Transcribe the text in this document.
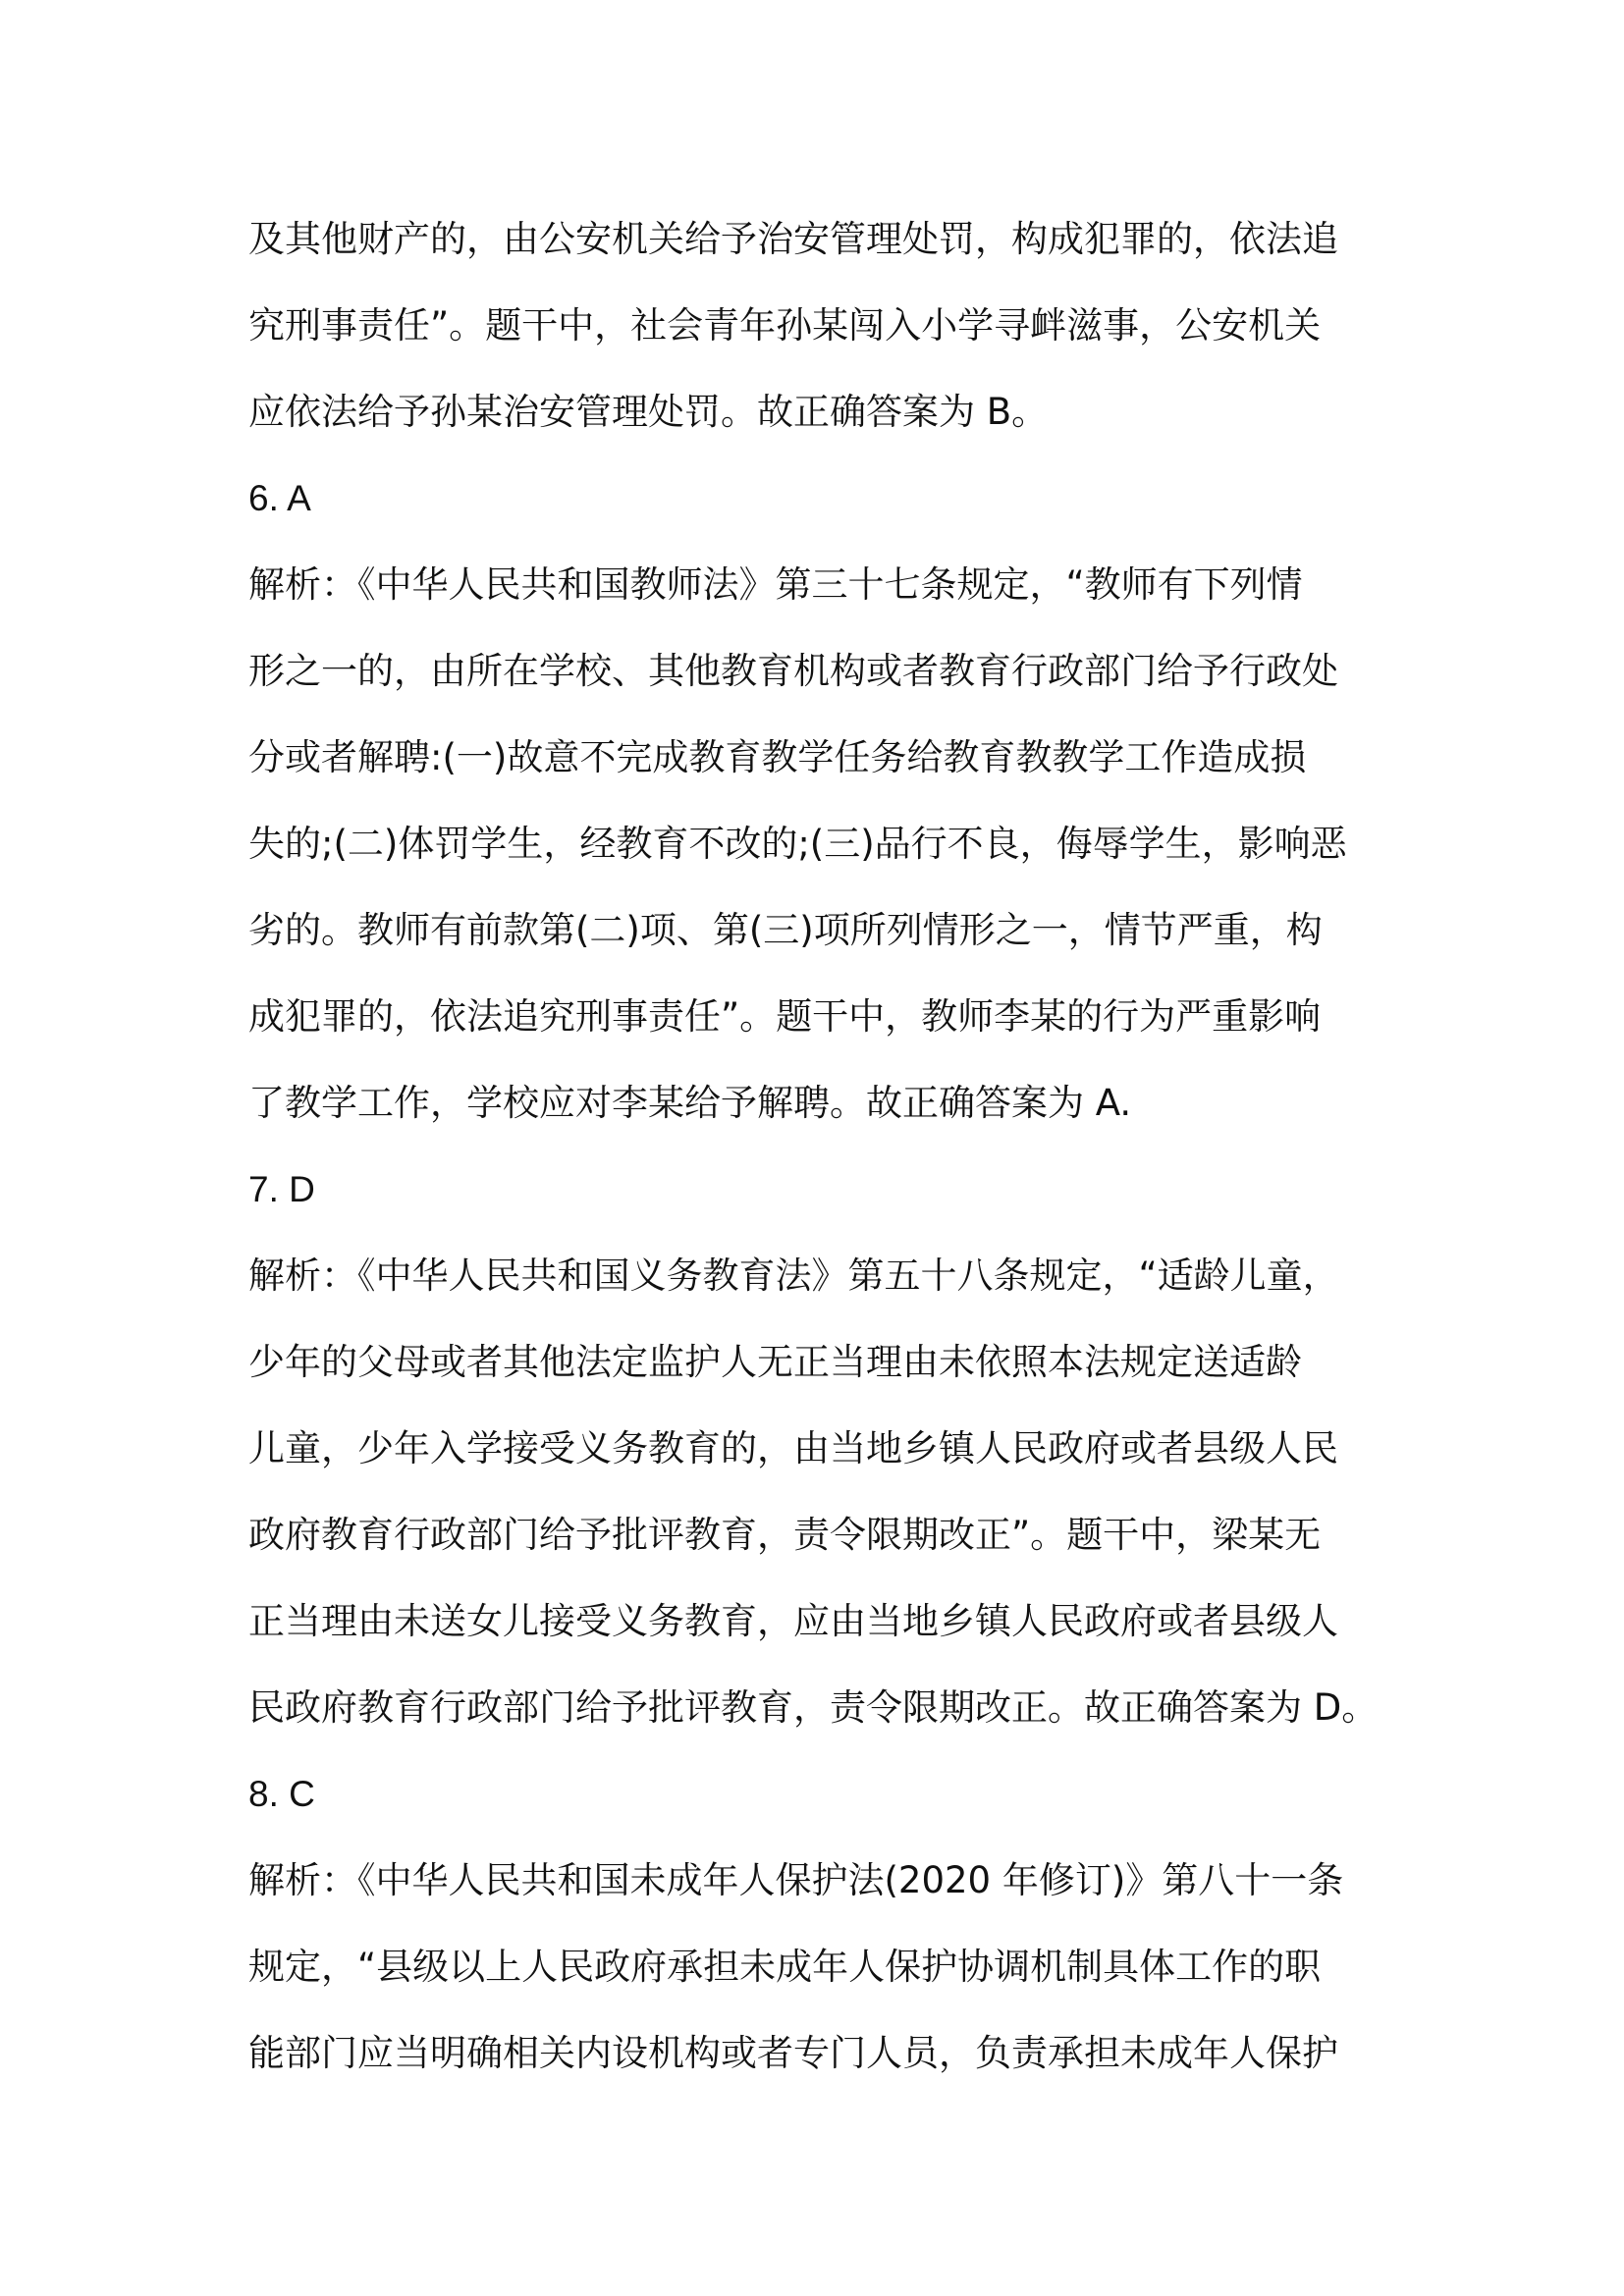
及其他财产的，由公安机关给予治安管理处罚，构成犯罪的，依法追
究刑事责任”。题干中，社会青年孙某闯入小学寻衅滋事，公安机关
应依法给予孙某治安管理处罚。故正确答案为 B。
6. A
解析：《中华人民共和国教师法》第三十七条规定，“教师有下列情
形之一的，由所在学校、其他教育机构或者教育行政部门给予行政处
分或者解聘:(一)故意不完成教育教学任务给教育教教学工作造成损
失的;(二)体罚学生，经教育不改的;(三)品行不良，侮辱学生，影响恶
劣的。教师有前款第(二)项、第(三)项所列情形之一，情节严重，构
成犯罪的，依法追究刑事责任”。题干中，教师李某的行为严重影响
了教学工作，学校应对李某给予解聘。故正确答案为 A.
7. D
解析：《中华人民共和国义务教育法》第五十八条规定，“适龄儿童，
少年的父母或者其他法定监护人无正当理由未依照本法规定送适龄
儿童，少年入学接受义务教育的，由当地乡镇人民政府或者县级人民
政府教育行政部门给予批评教育，责令限期改正”。题干中，梁某无
正当理由未送女儿接受义务教育，应由当地乡镇人民政府或者县级人
民政府教育行政部门给予批评教育，责令限期改正。故正确答案为 D。
8. C
解析：《中华人民共和国未成年人保护法(2020 年修订)》第八十一条
规定，“县级以上人民政府承担未成年人保护协调机制具体工作的职
能部门应当明确相关内设机构或者专门人员，负责承担未成年人保护
